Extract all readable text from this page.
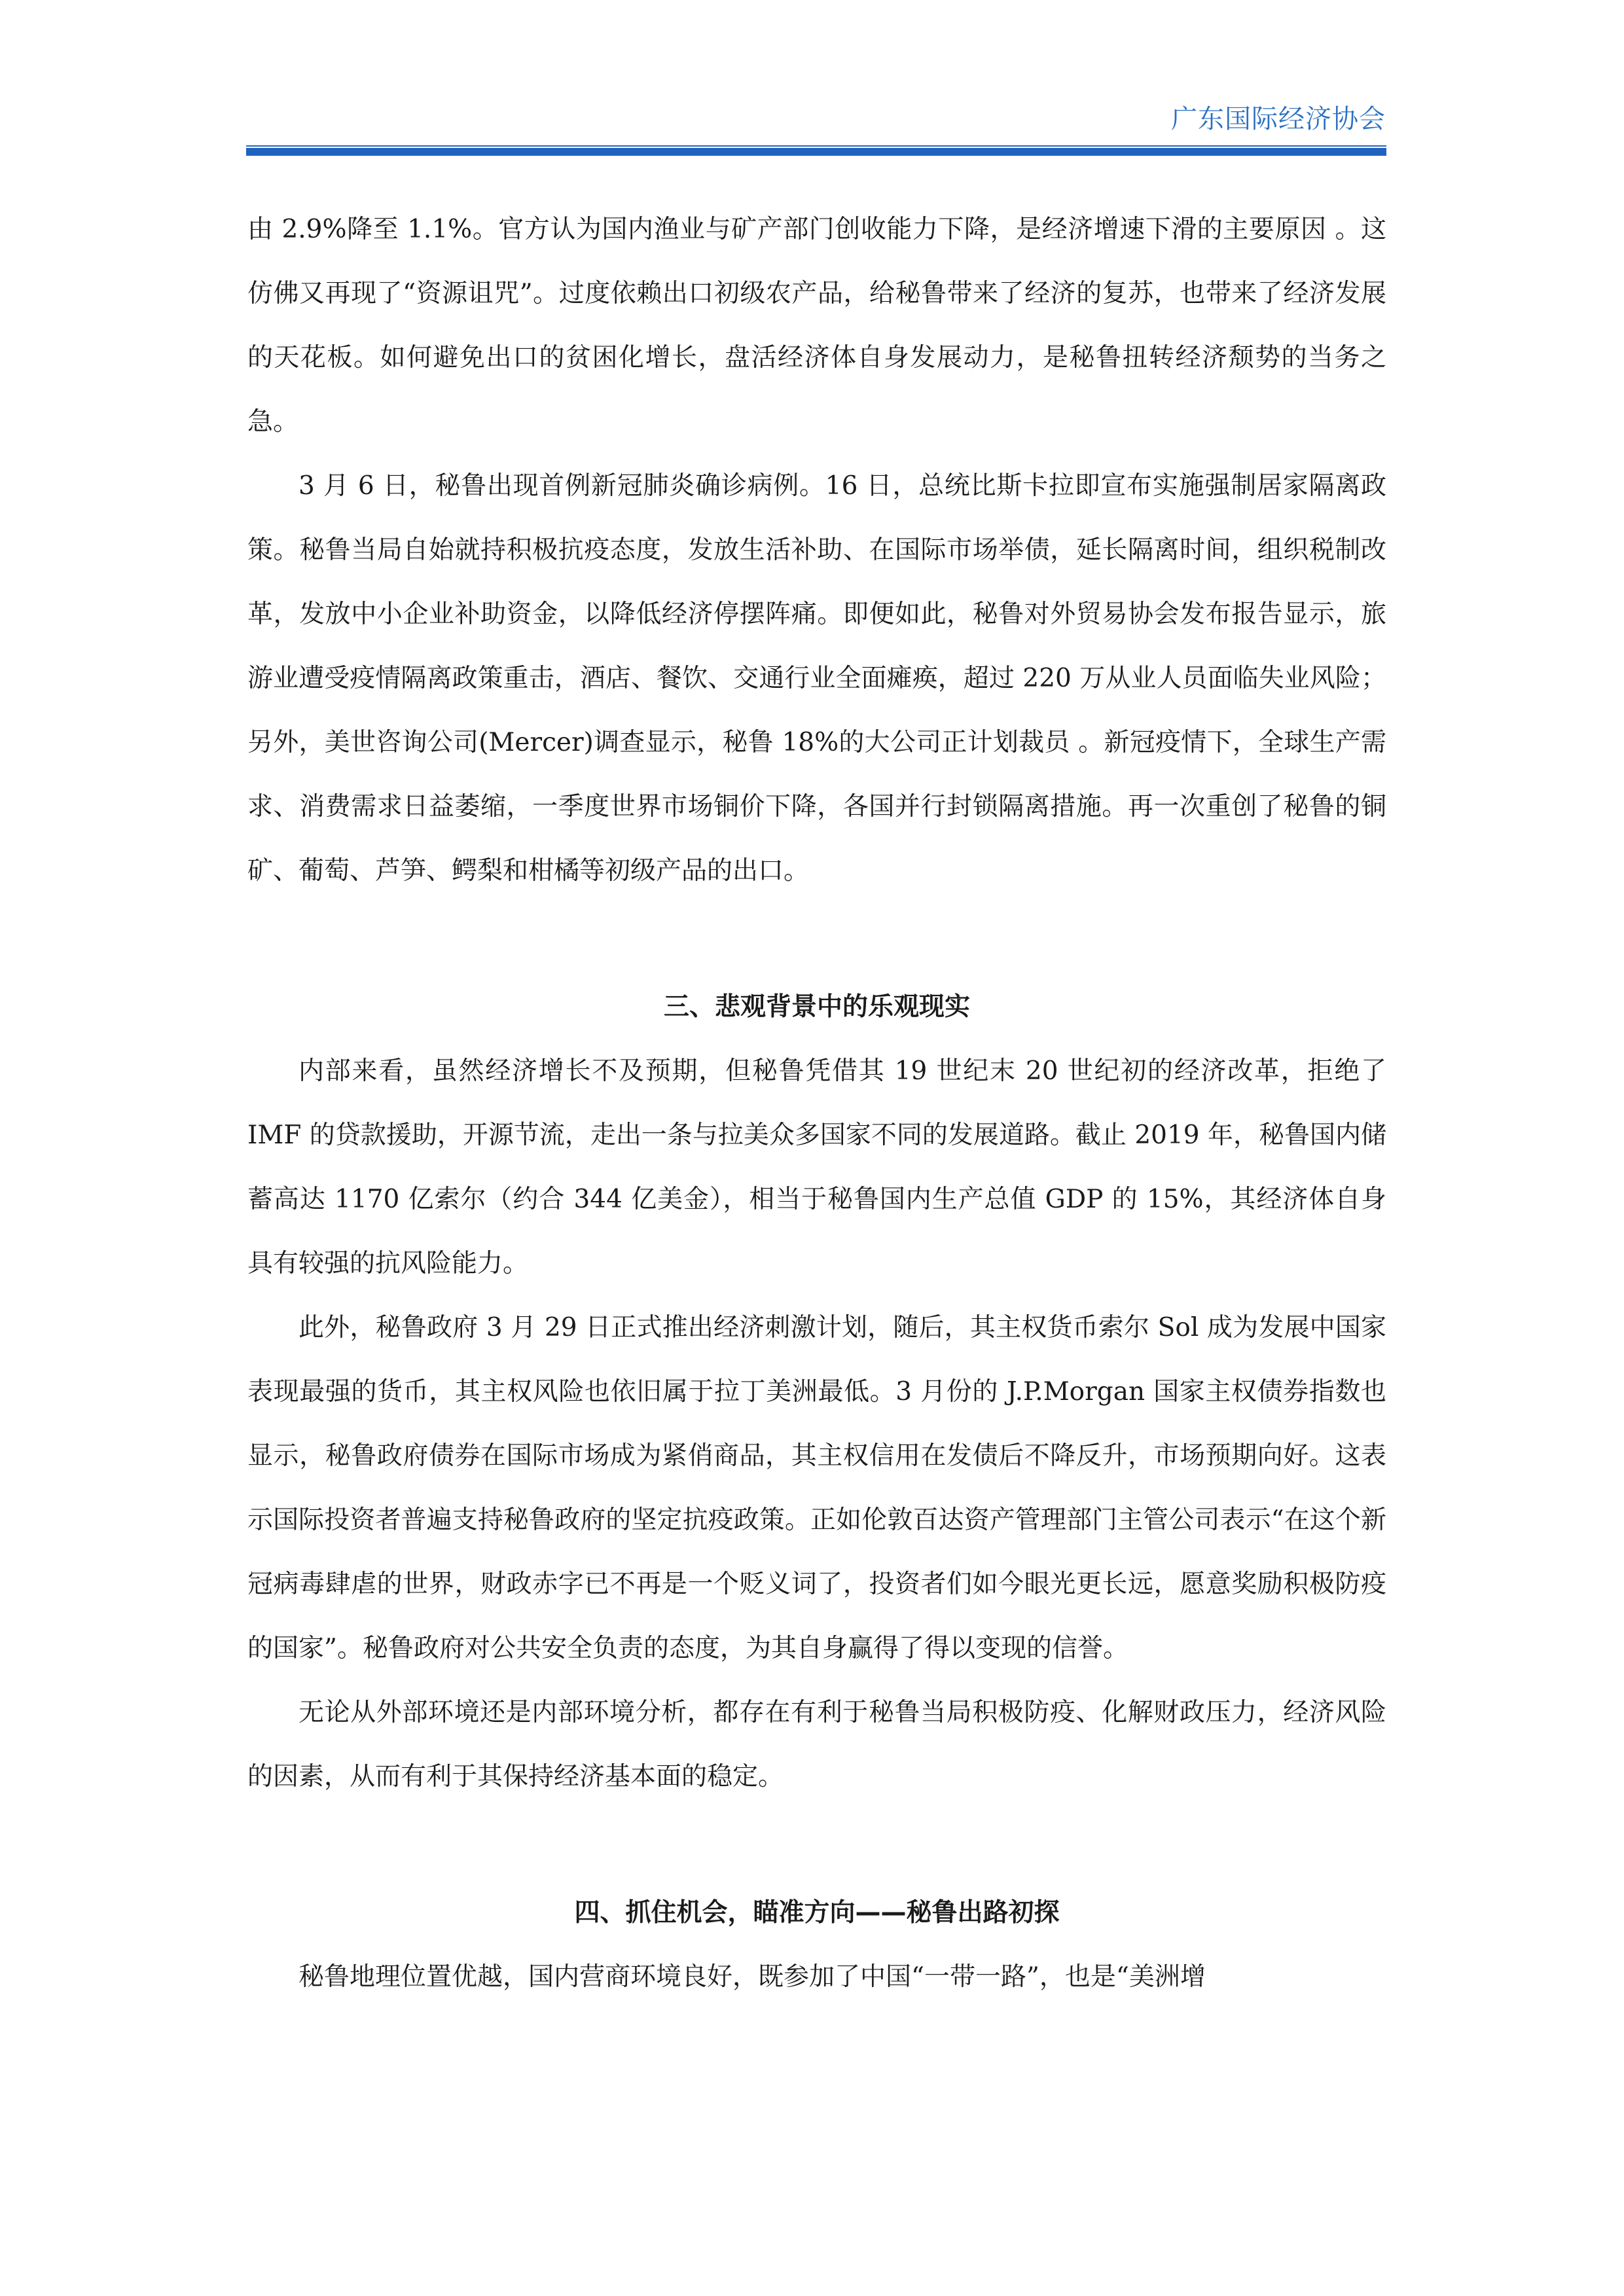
广东国际经济协会

由 2.9%降至 1.1%。官方认为国内渔业与矿产部门创收能力下降，是经济增速下滑的主要原因 。这仿佛又再现了“资源诅咒”。过度依赖出口初级农产品，给秘鲁带来了经济的复苏，也带来了经济发展的天花板。如何避免出口的贫困化增长，盘活经济体自身发展动力，是秘鲁扭转经济颓势的当务之急。

3 月 6 日，秘鲁出现首例新冠肺炎确诊病例。16 日，总统比斯卡拉即宣布实施强制居家隔离政策。秘鲁当局自始就持积极抗疫态度，发放生活补助、在国际市场举债，延长隔离时间，组织税制改革，发放中小企业补助资金，以降低经济停摆阵痛。即便如此，秘鲁对外贸易协会发布报告显示，旅游业遭受疫情隔离政策重击，酒店、餐饮、交通行业全面瘫痪，超过 220 万从业人员面临失业风险；另外，美世咨询公司(Mercer)调查显示，秘鲁 18%的大公司正计划裁员 。新冠疫情下，全球生产需求、消费需求日益萎缩，一季度世界市场铜价下降，各国并行封锁隔离措施。再一次重创了秘鲁的铜矿、葡萄、芦笋、鳄梨和柑橘等初级产品的出口。

三、悲观背景中的乐观现实

内部来看，虽然经济增长不及预期，但秘鲁凭借其 19 世纪末 20 世纪初的经济改革，拒绝了 IMF 的贷款援助，开源节流，走出一条与拉美众多国家不同的发展道路。截止 2019 年，秘鲁国内储蓄高达 1170 亿索尔（约合 344 亿美金），相当于秘鲁国内生产总值 GDP 的 15%，其经济体自身具有较强的抗风险能力。

此外，秘鲁政府 3 月 29 日正式推出经济刺激计划，随后，其主权货币索尔 Sol 成为发展中国家表现最强的货币，其主权风险也依旧属于拉丁美洲最低。3 月份的 J.P.Morgan 国家主权债券指数也显示，秘鲁政府债券在国际市场成为紧俏商品，其主权信用在发债后不降反升，市场预期向好。这表示国际投资者普遍支持秘鲁政府的坚定抗疫政策。正如伦敦百达资产管理部门主管公司表示“在这个新冠病毒肆虐的世界，财政赤字已不再是一个贬义词了，投资者们如今眼光更长远，愿意奖励积极防疫的国家”。秘鲁政府对公共安全负责的态度，为其自身赢得了得以变现的信誉。

无论从外部环境还是内部环境分析，都存在有利于秘鲁当局积极防疫、化解财政压力，经济风险的因素，从而有利于其保持经济基本面的稳定。

四、抓住机会，瞄准方向——秘鲁出路初探

秘鲁地理位置优越，国内营商环境良好，既参加了中国“一带一路”，也是“美洲增
